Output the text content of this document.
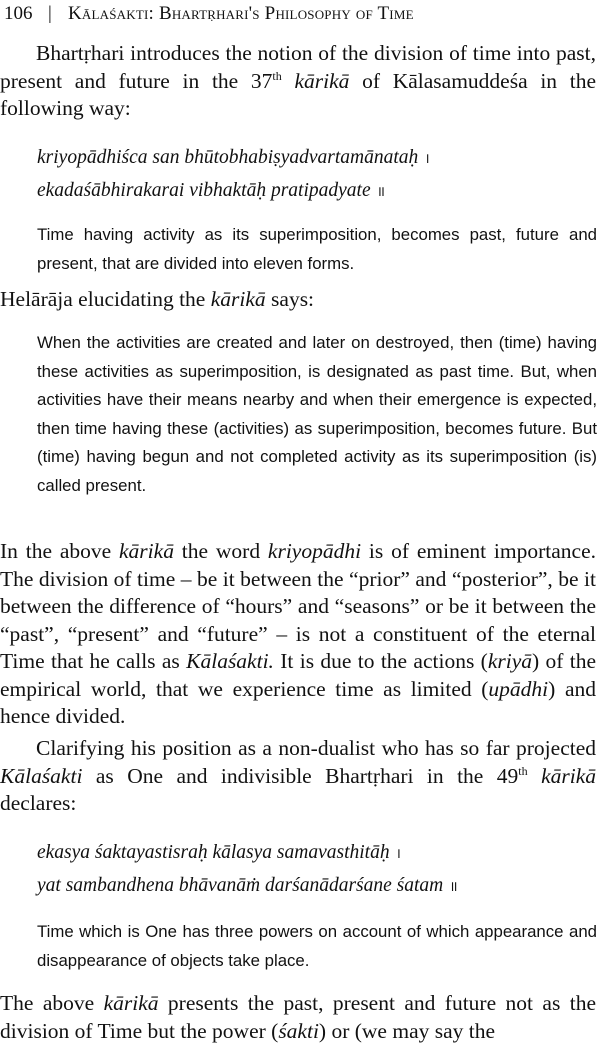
106 | Kālaśakti: Bhartṛhari's Philosophy of Time

Bhartṛhari introduces the notion of the division of time into past, present and future in the 37th kārikā of Kālasamuddeśa in the following way:

kriyopādhiśca san bhūtobhabiṣyadvartamānataḥ ।
ekadaśābhirakarai vibhaktāḥ pratipadyate ॥

Time having activity as its superimposition, becomes past, future and present, that are divided into eleven forms.

Helārāja elucidating the kārikā says:

When the activities are created and later on destroyed, then (time) having these activities as superimposition, is designated as past time. But, when activities have their means nearby and when their emergence is expected, then time having these (activities) as superimposition, becomes future. But (time) having begun and not completed activity as its superimposition (is) called present.

In the above kārikā the word kriyopādhi is of eminent importance. The division of time – be it between the “prior” and “posterior”, be it between the difference of “hours” and “seasons” or be it between the “past”, “present” and “future” – is not a constituent of the eternal Time that he calls as Kālaśakti. It is due to the actions (kriyā) of the empirical world, that we experience time as limited (upādhi) and hence divided.

Clarifying his position as a non-dualist who has so far projected Kālaśakti as One and indivisible Bhartṛhari in the 49th kārikā declares:

ekasya śaktayastisraḥ kālasya samavasthitāḥ ।
yat sambandhena bhāvanāṁ darśanādarśane śatam ॥

Time which is One has three powers on account of which appearance and disappearance of objects take place.

The above kārikā presents the past, present and future not as the division of Time but the power (śakti) or (we may say the
